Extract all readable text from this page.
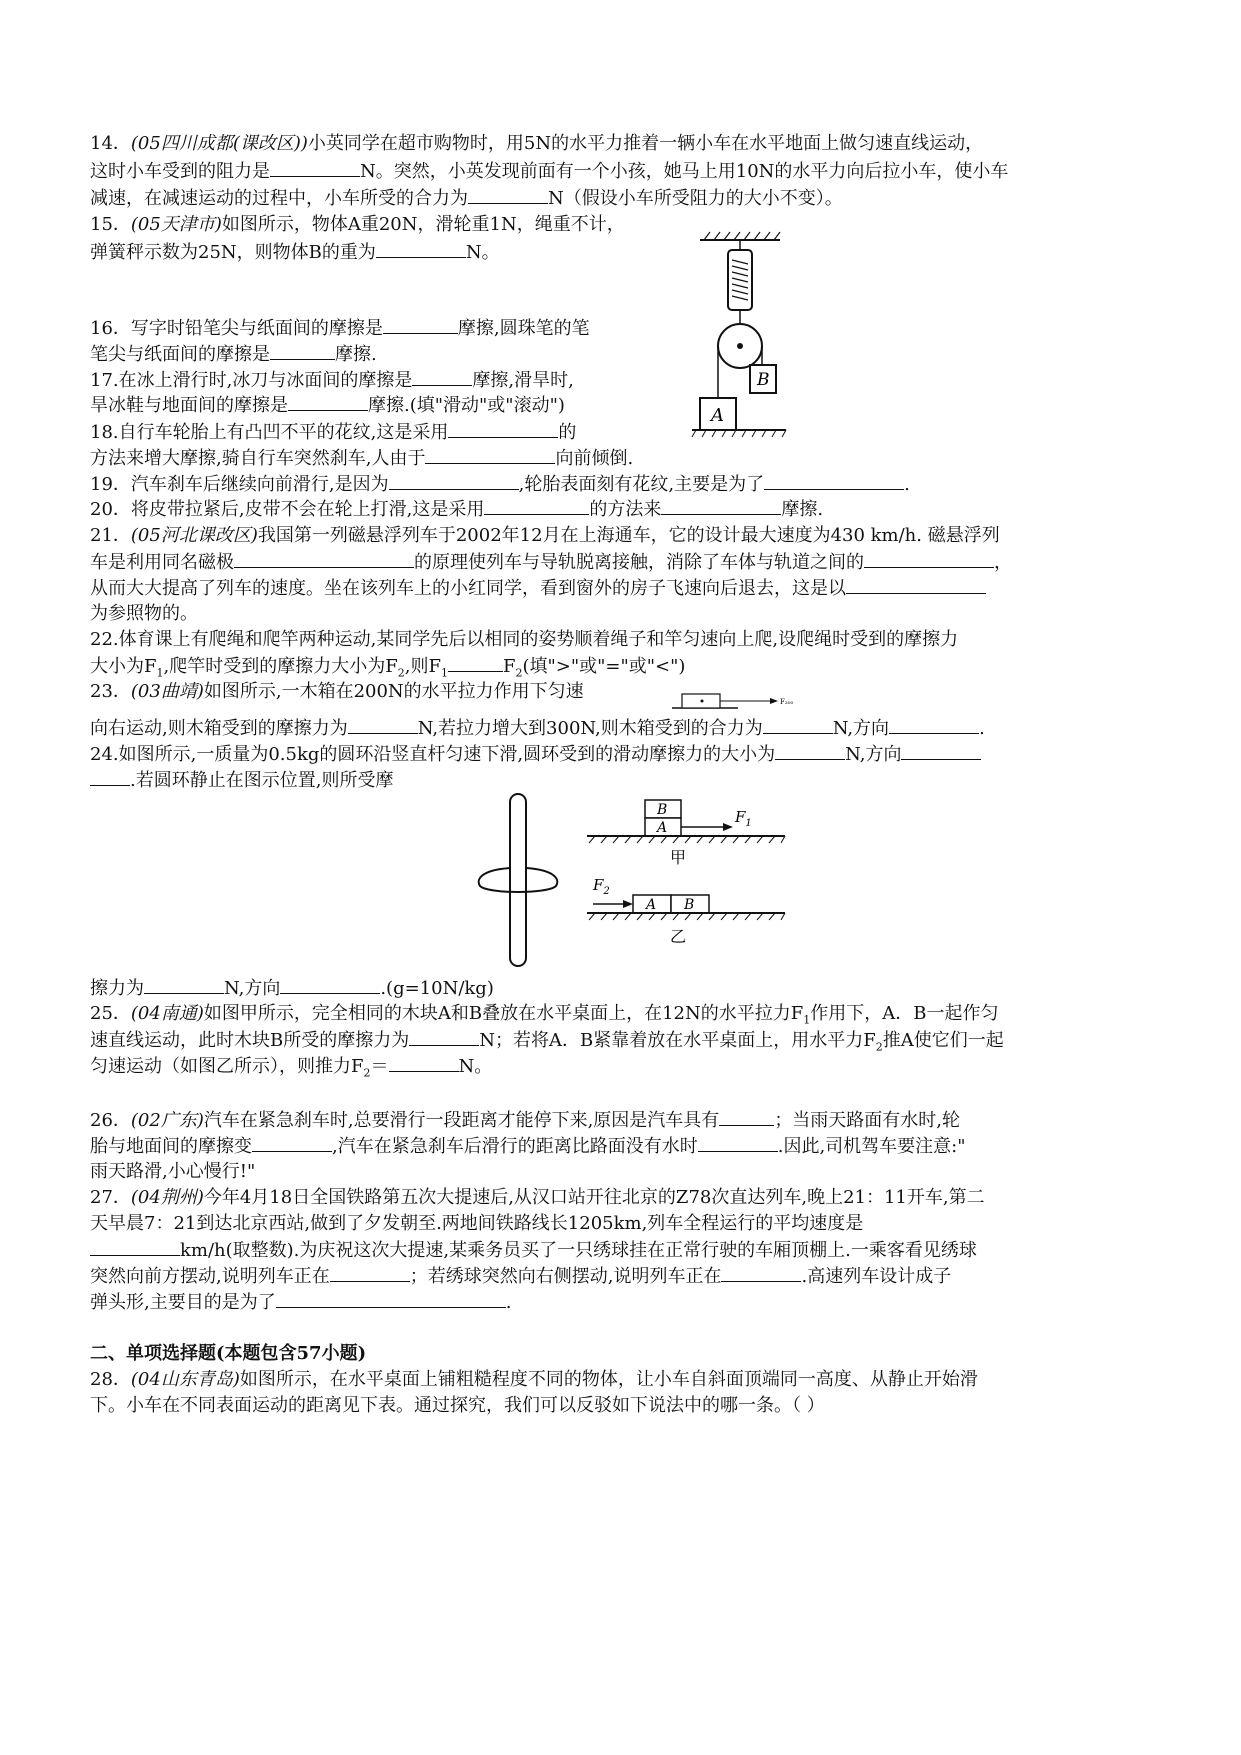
14．(05四川成都(课改区))小英同学在超市购物时，用5N的水平力推着一辆小车在水平地面上做匀速直线运动，
这时小车受到的阻力是	N。突然，小英发现前面有一个小孩，她马上用10N的水平力向后拉小车，使小车
减速，在减速运动的过程中，小车所受的合力为	N（假设小车所受阻力的大小不变）。
15．(05天津市)如图所示，物体A重20N，滑轮重1N，绳重不计，
弹簧秤示数为25N，则物体B的重为	N。
16．写字时铅笔尖与纸面间的摩擦是	摩擦,圆珠笔的笔
笔尖与纸面间的摩擦是	摩擦.
17.在冰上滑行时,冰刀与冰面间的摩擦是	摩擦,滑旱时,
旱冰鞋与地面间的摩擦是	摩擦.(填"滑动"或"滚动")
18.自行车轮胎上有凸凹不平的花纹,这是采用	的
方法来增大摩擦,骑自行车突然刹车,人由于	向前倾倒.
19．汽车刹车后继续向前滑行,是因为	,轮胎表面刻有花纹,主要是为了	.
20．将皮带拉紧后,皮带不会在轮上打滑,这是采用	的方法来	摩擦.
21．(05河北课改区)我国第一列磁悬浮列车于2002年12月在上海通车，它的设计最大速度为430 km/h. 磁悬浮列
车是利用同名磁极	的原理使列车与导轨脱离接触，消除了车体与轨道之间的	，
从而大大提高了列车的速度。坐在该列车上的小红同学，看到窗外的房子飞速向后退去，这是以
为参照物的。
22.体育课上有爬绳和爬竿两种运动,某同学先后以相同的姿势顺着绳子和竿匀速向上爬,设爬绳时受到的摩擦力
大小为$F_1$,爬竿时受到的摩擦力大小为$F_2$,则$F_1$	$F_2$(填">"或"="或"<")
23．(03曲靖)如图所示,一木箱在200N的水平拉力作用下匀速
向右运动,则木箱受到的摩擦力为	N,若拉力增大到300N,则木箱受到的合力为	N,方向	.
24.如图所示,一质量为0.5kg的圆环沿竖直杆匀速下滑,圆环受到的滑动摩擦力的大小为	N,方向
.若圆环静止在图示位置,则所受摩
擦力为	N,方向	.(g=10N/kg)
25．(04南通)如图甲所示，完全相同的木块A和B叠放在水平桌面上，在12N的水平拉力$F_1$作用下，A．B一起作匀
速直线运动，此时木块B所受的摩擦力为	N；若将A．B紧靠着放在水平桌面上，用水平力$F_2$推A使它们一起
匀速运动（如图乙所示），则推力$F_2=$	N。
26．(02广东)汽车在紧急刹车时,总要滑行一段距离才能停下来,原因是汽车具有	；当雨天路面有水时,轮
胎与地面间的摩擦变	,汽车在紧急刹车后滑行的距离比路面没有水时	.因此,司机驾车要注意:"
雨天路滑,小心慢行!"
27．(04荆州)今年4月18日全国铁路第五次大提速后,从汉口站开往北京的Z78次直达列车,晚上21：11开车,第二
天早晨7：21到达北京西站,做到了夕发朝至.两地间铁路线长1205km,列车全程运行的平均速度是
km/h(取整数).为庆祝这次大提速,某乘务员买了一只绣球挂在正常行驶的车厢顶棚上.一乘客看见绣球
突然向前方摆动,说明列车正在	；若绣球突然向右侧摆动,说明列车正在	.高速列车设计成子
弹头形,主要目的是为了	.
二、单项选择题(本题包含57小题)
28．(04山东青岛)如图所示，在水平桌面上铺粗糙程度不同的物体，让小车自斜面顶端同一高度、从静止开始滑
下。小车在不同表面运动的距离见下表。通过探究，我们可以反驳如下说法中的哪一条。（ ）
B
A
F₂₀₀
B
A
$F_1$
甲
$F_2$
A B
乙
